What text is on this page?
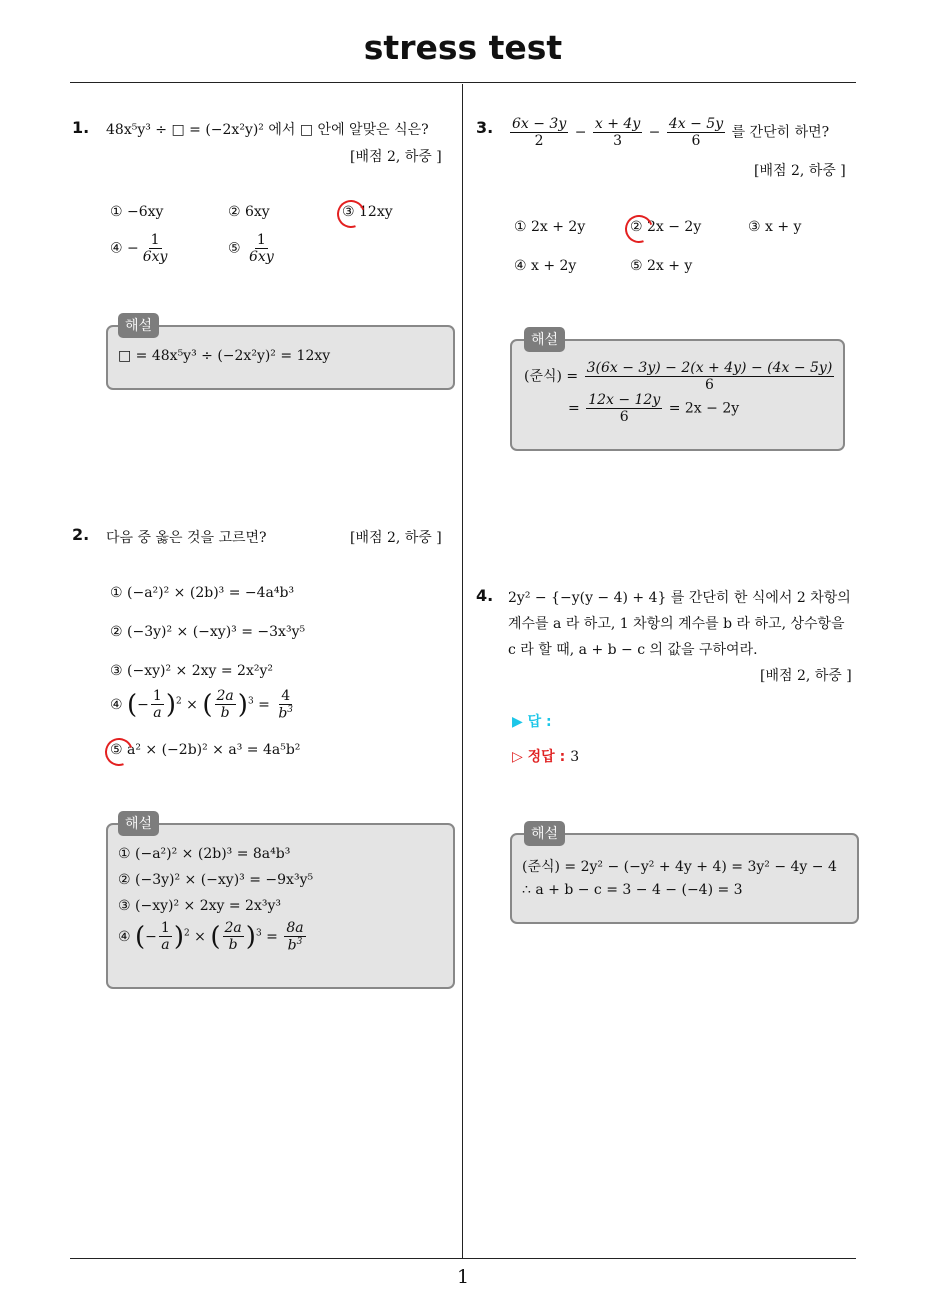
stress test
1
1. 48x⁵y³ ÷ □ = (−2x²y)² 에서 □ 안에 알맞은 식은?
[배점 2, 하중 ]
① −6xy	② 6xy	③ 12xy
④ − $\frac{1}{6xy}$	⑤ $\frac{1}{6xy}$
해설
□ = 48x⁵y³ ÷ (−2x²y)² = 12xy
2. 다음 중 옳은 것을 고르면?	[배점 2, 하중 ]
① (−a²)² × (2b)³ = −4a⁴b³
② (−3y)² × (−xy)³ = −3x³y⁵
③ (−xy)² × 2xy = 2x²y²
④ (− $\frac{1}{a} )^2$ × ( $\frac{2a}{b} )^3 = \frac{4}{b^3}$
⑤ a² × (−2b)² × a³ = 4a⁵b²
해설
① (−a²)² × (2b)³ = 8a⁴b³
② (−3y)² × (−xy)³ = −9x³y⁵
③ (−xy)² × 2xy = 2x³y³
④ (− $\frac{1}{a} )^2$ × ( $\frac{2a}{b} )^3 = \frac{8a}{b^3}$
3. $\frac{6x - 3y}{2} - \frac{x + 4y}{3} - \frac{4x - 5y}{6}$ 를 간단히 하면?
[배점 2, 하중 ]
① 2x + 2y	② 2x − 2y	③ x + y
④ x + 2y	⑤ 2x + y
해설
(준식) = $\frac{3(6x - 3y) - 2(x + 4y) - (4x - 5y)}{6}$
= $\frac{12x - 12y}{6} = 2x - 2y$
4. 2y² − {−y(y − 4) + 4} 를 간단히 한 식에서 2 차항의
계수를 a 라 하고, 1 차항의 계수를 b 라 하고, 상수항을
c 라 할 때, a + b − c 의 값을 구하여라.
[배점 2, 하중 ]
▶ 답 :
▷ 정답 : 3
해설
(준식) = 2y² − (−y² + 4y + 4) = 3y² − 4y − 4
∴ a + b − c = 3 − 4 − (−4) = 3
